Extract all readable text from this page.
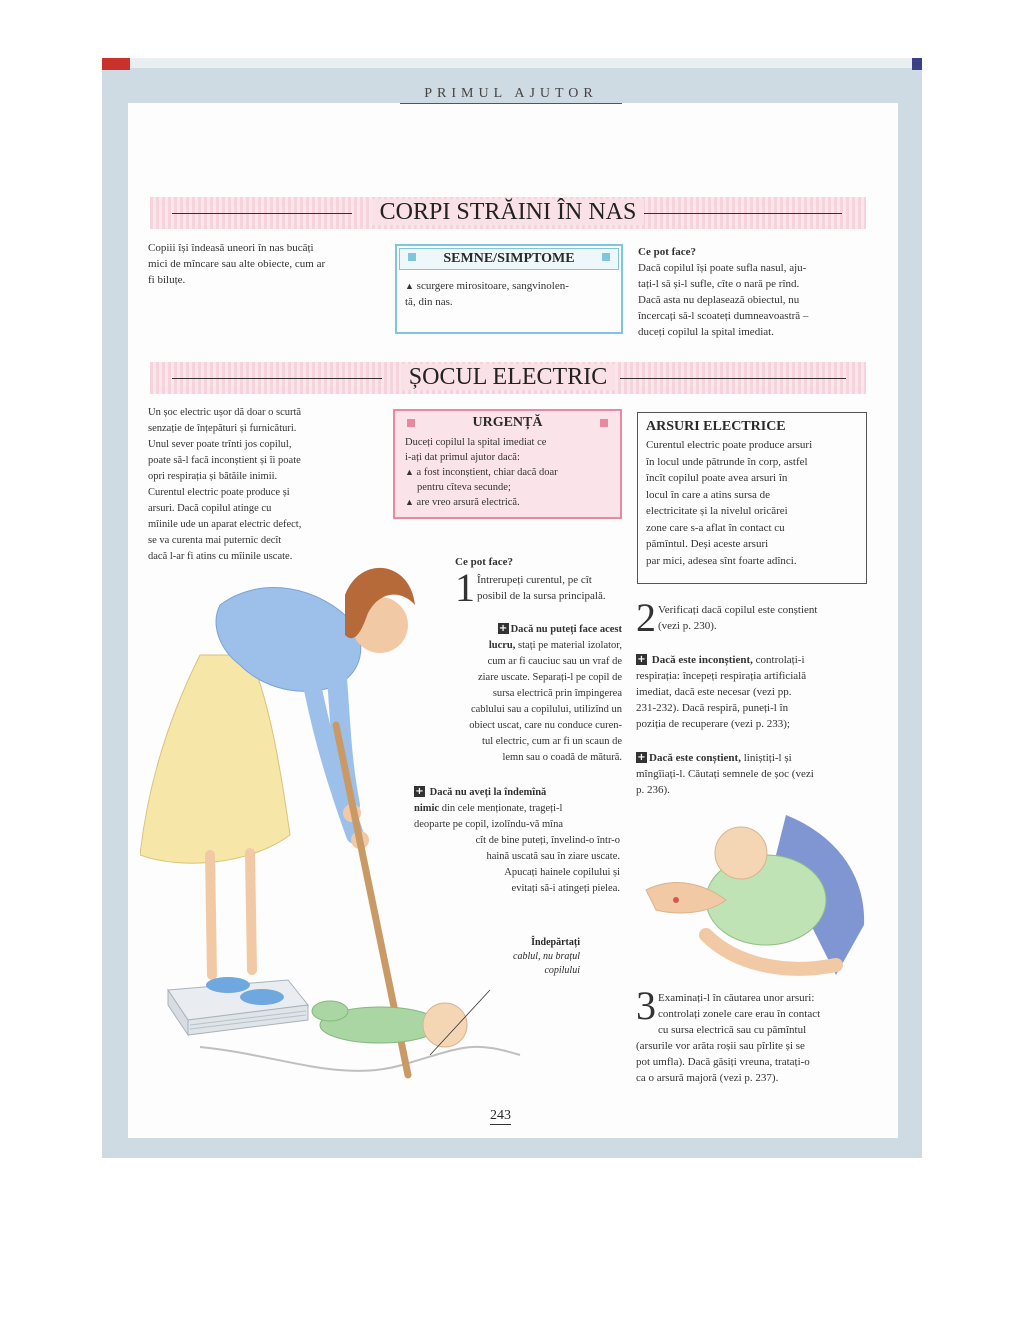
PRIMUL AJUTOR
CORPI STRĂINI ÎN NAS
Copiii își îndeasă uneori în nas bucăți
mici de mîncare sau alte obiecte, cum ar
fi biluțe.
SEMNE/SIMPTOME
▲ scurgere mirositoare, sangvinolen-
tă, din nas.
Ce pot face?
Dacă copilul își poate sufla nasul, aju-
tați-l să și-l sufle, cîte o nară pe rînd.
Dacă asta nu deplasează obiectul, nu
încercați să-l scoateți dumneavoastră –
duceți copilul la spital imediat.
ȘOCUL ELECTRIC
Un șoc electric ușor dă doar o scurtă
senzație de înțepături și furnicături.
Unul sever poate trînti jos copilul,
poate să-l facă inconștient și îi poate
opri respirația și bătăile inimii.
Curentul electric poate produce și
arsuri. Dacă copilul atinge cu
mîinile ude un aparat electric defect,
se va curenta mai puternic decît
dacă l-ar fi atins cu mîinile uscate.
URGENȚĂ
Duceți copilul la spital imediat ce
i-ați dat primul ajutor dacă:
▲ a fost inconștient, chiar dacă doar
pentru cîteva secunde;
▲ are vreo arsură electrică.
ARSURI ELECTRICE
Curentul electric poate produce arsuri
în locul unde pătrunde în corp, astfel
încît copilul poate avea arsuri în
locul în care a atins sursa de
electricitate și la nivelul oricărei
zone care s-a aflat în contact cu
pămîntul. Deși aceste arsuri
par mici, adesea sînt foarte adînci.
Ce pot face?
1 Întrerupeți curentul, pe cît
posibil de la sursa principală.
+ Dacă nu puteți face acest
lucru, stați pe material izolator,
cum ar fi cauciuc sau un vraf de
ziare uscate. Separați-l pe copil de
sursa electrică prin împingerea
cablului sau a copilului, utilizînd un
obiect uscat, care nu conduce curen-
tul electric, cum ar fi un scaun de
lemn sau o coadă de mătură.
+ Dacă nu aveți la îndemînă
nimic din cele menționate, trageți-l
deoparte pe copil, izolîndu-vă mîna
cît de bine puteți, învelind-o într-o
haină uscată sau în ziare uscate.
Apucați hainele copilului și
evitați să-i atingeți pielea.
Îndepărtați
cablul, nu brațul
copilului
2 Verificați dacă copilul este conștient
(vezi p. 230).
+ Dacă este inconștient, controlați-i
respirația: începeți respirația artificială
imediat, dacă este necesar (vezi pp.
231-232). Dacă respiră, puneți-l în
poziția de recuperare (vezi p. 233);
+ Dacă este conștient, liniștiți-l și
mîngîiați-l. Căutați semnele de șoc (vezi
p. 236).
3 Examinați-l în căutarea unor arsuri:
controlați zonele care erau în contact
cu sursa electrică sau cu pămîntul
(arsurile vor arăta roșii sau pîrlite și se
pot umfla). Dacă găsiți vreuna, tratați-o
ca o arsură majoră (vezi p. 237).
243
